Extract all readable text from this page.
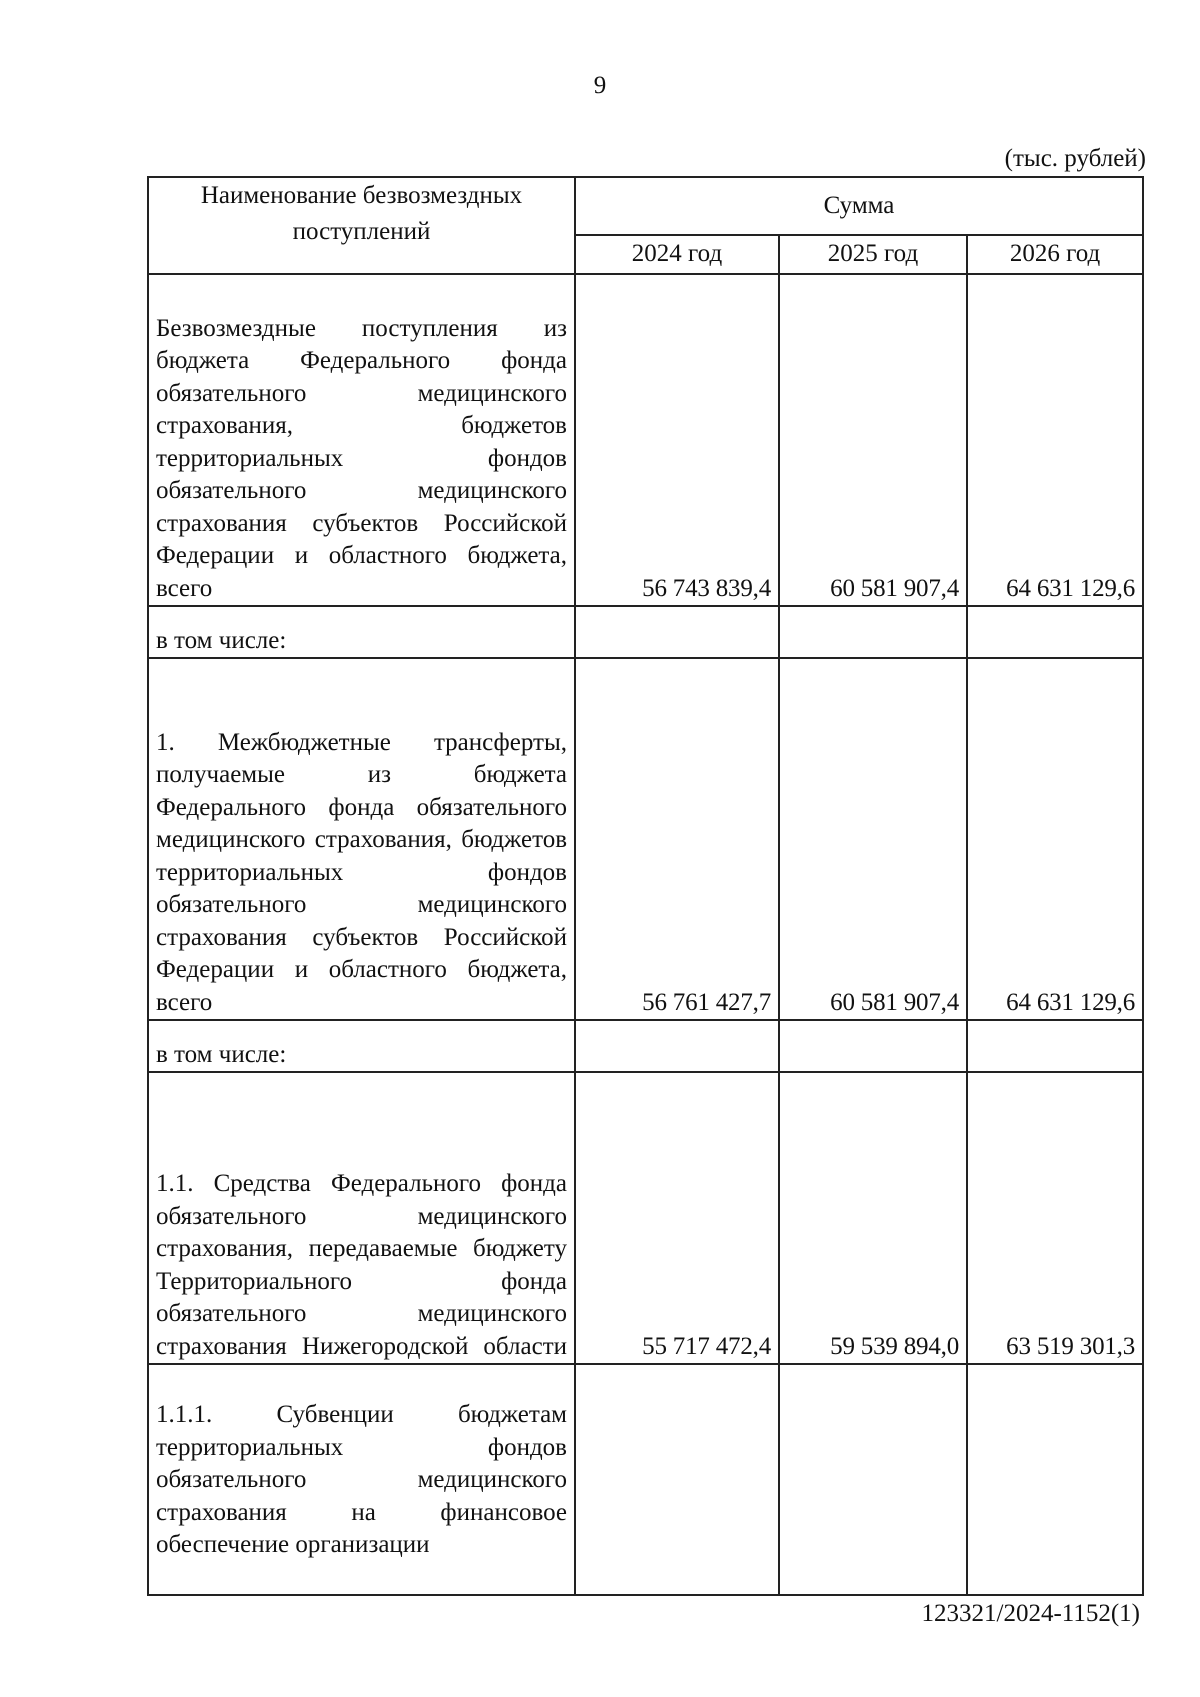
9
(тыс. рублей)
Наименование безвозмездных поступлений	Сумма		
	2024 год	2025 год	2026 год
Безвозмездные поступления из бюджета Федерального фонда обязательного медицинского страхования, бюджетов территориальных фондов обязательного медицинского страхования субъектов Российской Федерации и областного бюджета, всего	56 743 839,4	60 581 907,4	64 631 129,6
в том числе:			
1. Межбюджетные трансферты, получаемые из бюджета Федерального фонда обязательного медицинского страхования, бюджетов территориальных фондов обязательного медицинского страхования субъектов Российской Федерации и областного бюджета, всего	56 761 427,7	60 581 907,4	64 631 129,6
в том числе:			
1.1. Средства Федерального фонда обязательного медицинского страхования, передаваемые бюджету Территориального фонда обязательного медицинского страхования Нижегородской области	55 717 472,4	59 539 894,0	63 519 301,3
1.1.1. Субвенции бюджетам территориальных фондов обязательного медицинского страхования на финансовое обеспечение организации			
123321/2024-1152(1)
